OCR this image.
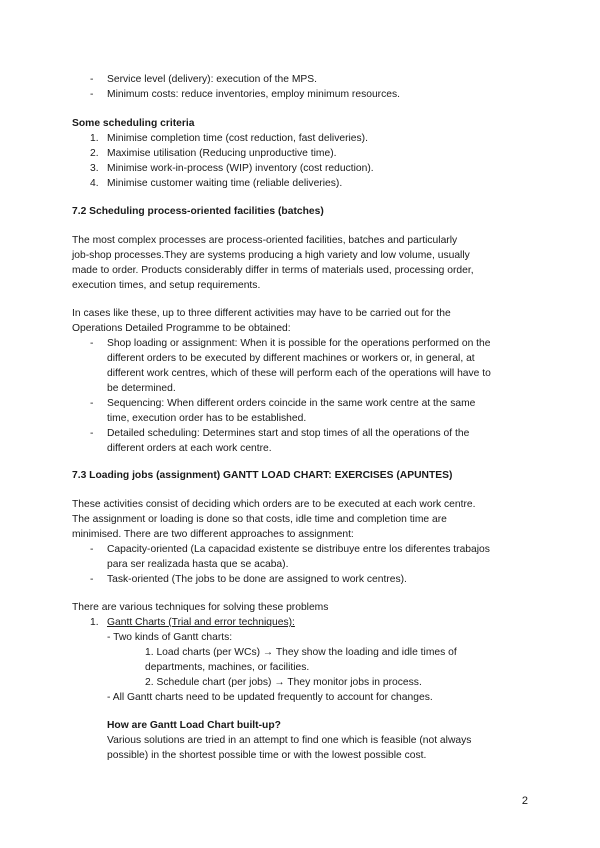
- Service level (delivery): execution of the MPS.
- Minimum costs: reduce inventories, employ minimum resources.
Some scheduling criteria
1. Minimise completion time (cost reduction, fast deliveries).
2. Maximise utilisation (Reducing unproductive time).
3. Minimise work-in-process (WIP) inventory (cost reduction).
4. Minimise customer waiting time (reliable deliveries).
7.2 Scheduling process-oriented facilities (batches)
The most complex processes are process-oriented facilities, batches and particularly
job-shop processes.They are systems producing a high variety and low volume, usually
made to order. Products considerably differ in terms of materials used, processing order,
execution times, and setup requirements.
In cases like these, up to three different activities may have to be carried out for the
Operations Detailed Programme to be obtained:
- Shop loading or assignment: When it is possible for the operations performed on the
different orders to be executed by different machines or workers or, in general, at
different work centres, which of these will perform each of the operations will have to
be determined.
- Sequencing: When different orders coincide in the same work centre at the same
time, execution order has to be established.
- Detailed scheduling: Determines start and stop times of all the operations of the
different orders at each work centre.
7.3 Loading jobs (assignment) GANTT LOAD CHART: EXERCISES (APUNTES)
These activities consist of deciding which orders are to be executed at each work centre.
The assignment or loading is done so that costs, idle time and completion time are
minimised. There are two different approaches to assignment:
- Capacity-oriented (La capacidad existente se distribuye entre los diferentes trabajos
para ser realizada hasta que se acaba).
- Task-oriented (The jobs to be done are assigned to work centres).
There are various techniques for solving these problems
1. Gantt Charts (Trial and error techniques):
- Two kinds of Gantt charts:
1. Load charts (per WCs) → They show the loading and idle times of
departments, machines, or facilities.
2. Schedule chart (per jobs) → They monitor jobs in process.
- All Gantt charts need to be updated frequently to account for changes.
How are Gantt Load Chart built-up?
Various solutions are tried in an attempt to find one which is feasible (not always
possible) in the shortest possible time or with the lowest possible cost.
2
